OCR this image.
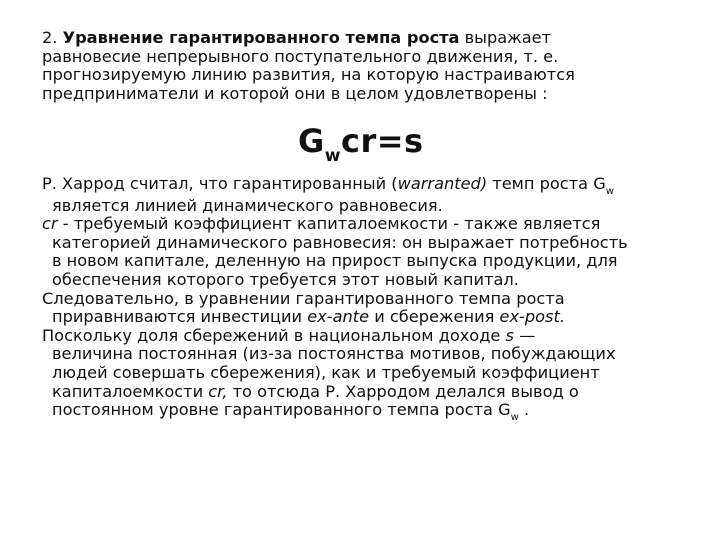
2. Уравнение гарантированного темпа роста выражает
равновесие непрерывного поступательного движения, т. е.
прогнозируемую линию развития, на которую настраиваются
предприниматели и которой они в целом удовлетворены :
$G_wcr=s$
Р. Харрод считал, что гарантированный (warranted) темп роста $G_w$
является линией динамического равновесия.
cr - требуемый коэффициент капиталоемкости - также является
категорией динамического равновесия: он выражает потребность
в новом капитале, деленную на прирост выпуска продукции, для
обеспечения которого требуется этот новый капитал.
Следовательно, в уравнении гарантированного темпа роста
приравниваются инвестиции ex-ante и сбережения ex-post.
Поскольку доля сбережений в национальном доходе s —
величина постоянная (из-за постоянства мотивов, побуждающих
людей совершать сбережения), как и требуемый коэффициент
капиталоемкости cr, то отсюда Р. Харродом делался вывод о
постоянном уровне гарантированного темпа роста $G_w$ .
